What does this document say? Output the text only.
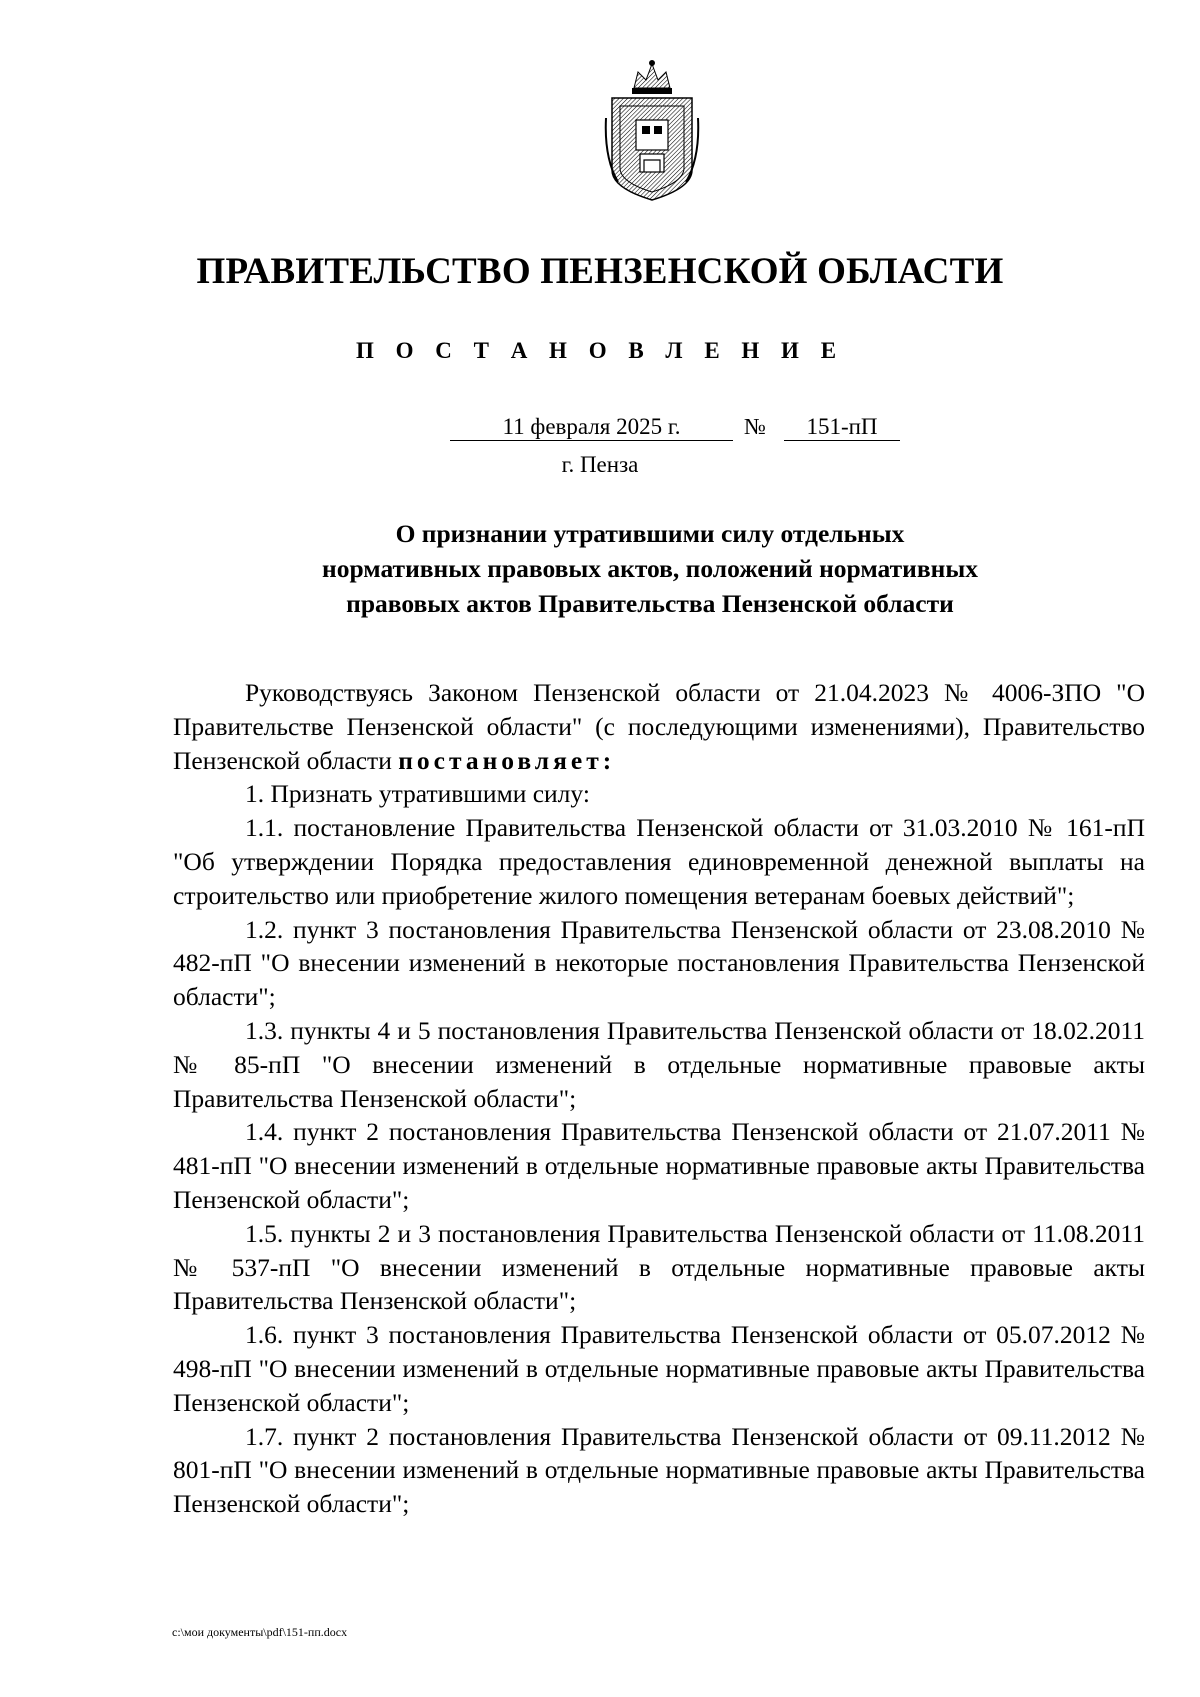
ПРАВИТЕЛЬСТВО ПЕНЗЕНСКОЙ ОБЛАСТИ
П О С Т А Н О В Л Е Н И Е
11 февраля 2025 г.	№	151-пП
г. Пенза
О признании утратившими силу отдельных
нормативных правовых актов, положений нормативных
правовых актов Правительства Пензенской области

Руководствуясь Законом Пензенской области от 21.04.2023 № 4006-ЗПО "О Правительстве Пензенской области" (с последующими изменениями), Правительство Пензенской области постановляет:

1. Признать утратившими силу:

1.1. постановление Правительства Пензенской области от 31.03.2010 № 161-пП "Об утверждении Порядка предоставления единовременной денежной выплаты на строительство или приобретение жилого помещения ветеранам боевых действий";

1.2. пункт 3 постановления Правительства Пензенской области от 23.08.2010 № 482-пП "О внесении изменений в некоторые постановления Правительства Пензенской области";

1.3. пункты 4 и 5 постановления Правительства Пензенской области от 18.02.2011 № 85-пП "О внесении изменений в отдельные нормативные правовые акты Правительства Пензенской области";

1.4. пункт 2 постановления Правительства Пензенской области от 21.07.2011 № 481-пП "О внесении изменений в отдельные нормативные правовые акты Правительства Пензенской области";

1.5. пункты 2 и 3 постановления Правительства Пензенской области от 11.08.2011 № 537-пП "О внесении изменений в отдельные нормативные правовые акты Правительства Пензенской области";

1.6. пункт 3 постановления Правительства Пензенской области от 05.07.2012 № 498-пП "О внесении изменений в отдельные нормативные правовые акты Правительства Пензенской области";

1.7. пункт 2 постановления Правительства Пензенской области от 09.11.2012 № 801-пП "О внесении изменений в отдельные нормативные правовые акты Правительства Пензенской области";

c:\мои документы\pdf\151-пп.docx
